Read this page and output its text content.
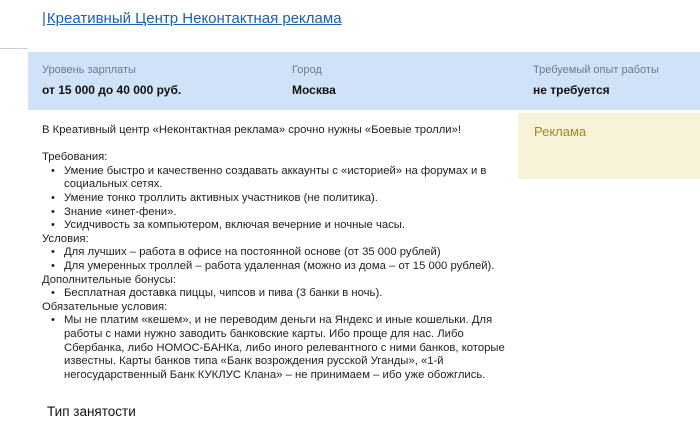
|Креативный Центр Неконтактная реклама
Уровень зарплаты
от 15 000 до 40 000 руб.
Город
Москва
Требуемый опыт работы
не требуется
Реклама

В Креативный центр «Неконтактная реклама» срочно нужны «Боевые тролли»!

Требования:

• Умение быстро и качественно создавать аккаунты с «историей» на форумах и в социальных сетях.
• Умение тонко троллить активных участников (не политика).
• Знание «инет-фени».
• Усидчивость за компьютером, включая вечерние и ночные часы.

Условия:

• Для лучших – работа в офисе на постоянной основе (от 35 000 рублей)
• Для умеренных троллей – работа удаленная (можно из дома – от 15 000 рублей).

Дополнительные бонусы:

• Бесплатная доставка пиццы, чипсов и пива (3 банки в ночь).

Обязательные условия:

• Мы не платим «кешем», и не переводим деньги на Яндекс и иные кошельки. Для работы с нами нужно заводить банковские карты. Ибо проще для нас. Либо Сбербанка, либо НОМОС-БАНКа, либо иного релевантного с ними банков, которые известны. Карты банков типа «Банк возрождения русской Уганды», «1-й негосударственный Банк КУКЛУС Клана» – не принимаем – ибо уже обожглись.
Тип занятости
